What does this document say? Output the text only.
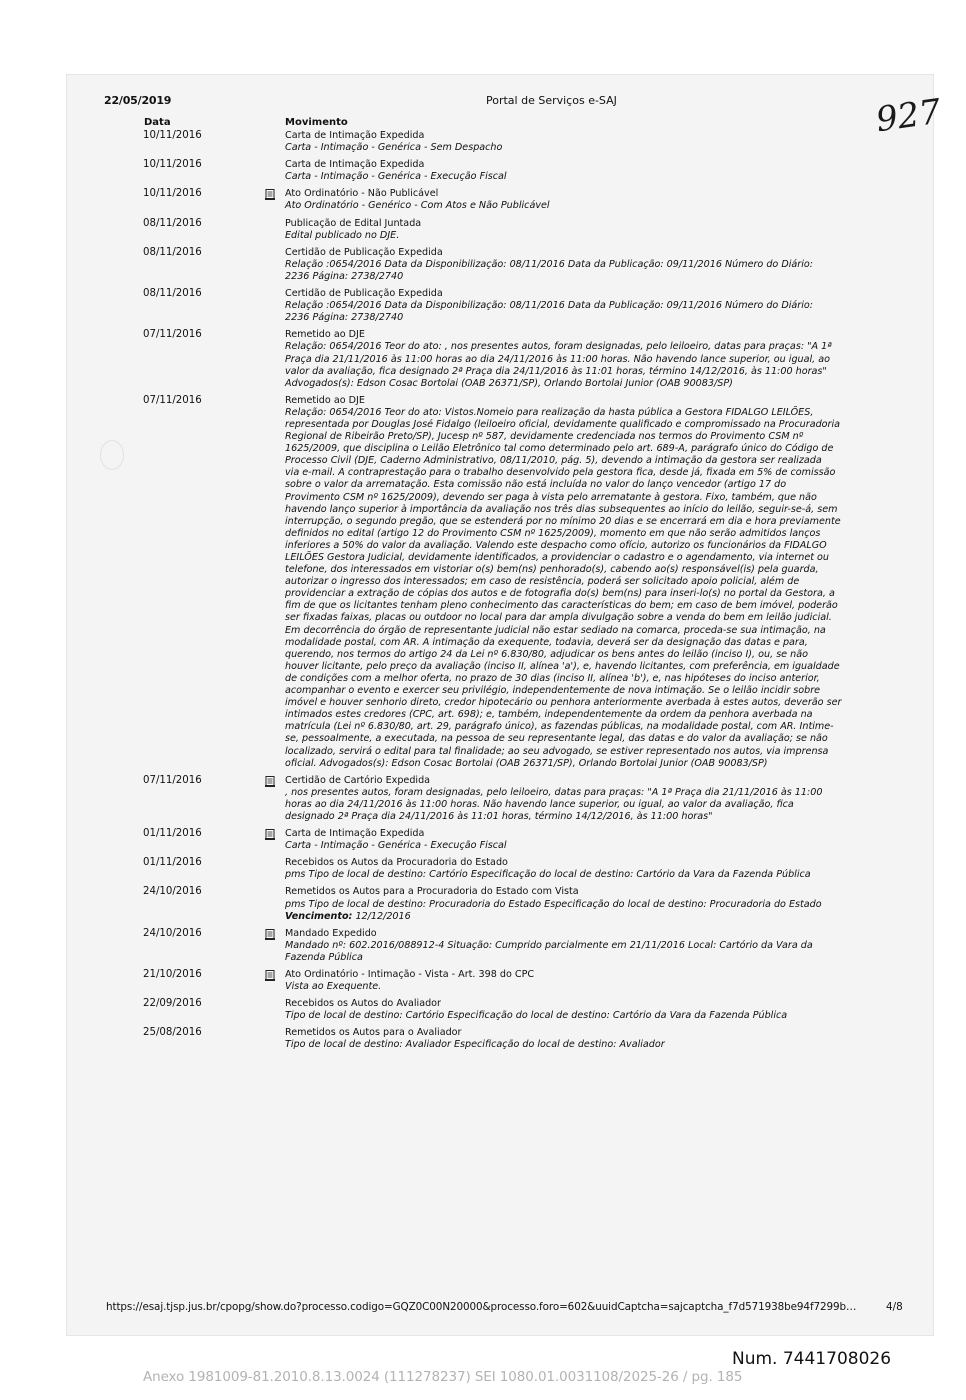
22/05/2019	Portal de Serviços e-SAJ	927
Data	Movimento
10/11/2016	Carta de Intimação Expedida
Carta - Intimação - Genérica - Sem Despacho
10/11/2016	Carta de Intimação Expedida
Carta - Intimação - Genérica - Execução Fiscal
10/11/2016	Ato Ordinatório - Não Publicável
Ato Ordinatório - Genérico - Com Atos e Não Publicável
08/11/2016	Publicação de Edital Juntada
Edital publicado no DJE.
08/11/2016	Certidão de Publicação Expedida
Relação :0654/2016 Data da Disponibilização: 08/11/2016 Data da Publicação: 09/11/2016 Número do Diário:
2236 Página: 2738/2740
08/11/2016	Certidão de Publicação Expedida
Relação :0654/2016 Data da Disponibilização: 08/11/2016 Data da Publicação: 09/11/2016 Número do Diário:
2236 Página: 2738/2740
07/11/2016	Remetido ao DJE
Relação: 0654/2016 Teor do ato: , nos presentes autos, foram designadas, pelo leiloeiro, datas para praças: "A 1ª
Praça dia 21/11/2016 às 11:00 horas ao dia 24/11/2016 às 11:00 horas. Não havendo lance superior, ou igual, ao
valor da avaliação, fica designado 2ª Praça dia 24/11/2016 às 11:01 horas, término 14/12/2016, às 11:00 horas"
Advogados(s): Edson Cosac Bortolai (OAB 26371/SP), Orlando Bortolai Junior (OAB 90083/SP)
07/11/2016	Remetido ao DJE
Relação: 0654/2016 Teor do ato: Vistos.Nomeio para realização da hasta pública a Gestora FIDALGO LEILÕES,
representada por Douglas José Fidalgo (leiloeiro oficial, devidamente qualificado e compromissado na Procuradoria
Regional de Ribeirão Preto/SP), Jucesp nº 587, devidamente credenciada nos termos do Provimento CSM nº
1625/2009, que disciplina o Leilão Eletrônico tal como determinado pelo art. 689-A, parágrafo único do Código de
Processo Civil (DJE, Caderno Administrativo, 08/11/2010, pág. 5), devendo a intimação da gestora ser realizada
via e-mail. A contraprestação para o trabalho desenvolvido pela gestora fica, desde já, fixada em 5% de comissão
sobre o valor da arrematação. Esta comissão não está incluída no valor do lanço vencedor (artigo 17 do
Provimento CSM nº 1625/2009), devendo ser paga à vista pelo arrematante à gestora. Fixo, também, que não
havendo lanço superior à importância da avaliação nos três dias subsequentes ao início do leilão, seguir-se-á, sem
interrupção, o segundo pregão, que se estenderá por no mínimo 20 dias e se encerrará em dia e hora previamente
definidos no edital (artigo 12 do Provimento CSM nº 1625/2009), momento em que não serão admitidos lanços
inferiores a 50% do valor da avaliação. Valendo este despacho como ofício, autorizo os funcionários da FIDALGO
LEILÕES Gestora Judicial, devidamente identificados, a providenciar o cadastro e o agendamento, via internet ou
telefone, dos interessados em vistoriar o(s) bem(ns) penhorado(s), cabendo ao(s) responsável(is) pela guarda,
autorizar o ingresso dos interessados; em caso de resistência, poderá ser solicitado apoio policial, além de
providenciar a extração de cópias dos autos e de fotografia do(s) bem(ns) para inseri-lo(s) no portal da Gestora, a
fim de que os licitantes tenham pleno conhecimento das características do bem; em caso de bem imóvel, poderão
ser fixadas faixas, placas ou outdoor no local para dar ampla divulgação sobre a venda do bem em leilão judicial.
Em decorrência do órgão de representante judicial não estar sediado na comarca, proceda-se sua intimação, na
modalidade postal, com AR. A intimação da exequente, todavia, deverá ser da designação das datas e para,
querendo, nos termos do artigo 24 da Lei nº 6.830/80, adjudicar os bens antes do leilão (inciso I), ou, se não
houver licitante, pelo preço da avaliação (inciso II, alínea 'a'), e, havendo licitantes, com preferência, em igualdade
de condições com a melhor oferta, no prazo de 30 dias (inciso II, alínea 'b'), e, nas hipóteses do inciso anterior,
acompanhar o evento e exercer seu privilégio, independentemente de nova intimação. Se o leilão incidir sobre
imóvel e houver senhorio direto, credor hipotecário ou penhora anteriormente averbada à estes autos, deverão ser
intimados estes credores (CPC, art. 698); e, também, independentemente da ordem da penhora averbada na
matrícula (Lei nº 6.830/80, art. 29, parágrafo único), as fazendas públicas, na modalidade postal, com AR. Intime-
se, pessoalmente, a executada, na pessoa de seu representante legal, das datas e do valor da avaliação; se não
localizado, servirá o edital para tal finalidade; ao seu advogado, se estiver representado nos autos, via imprensa
oficial. Advogados(s): Edson Cosac Bortolai (OAB 26371/SP), Orlando Bortolai Junior (OAB 90083/SP)
07/11/2016	Certidão de Cartório Expedida
, nos presentes autos, foram designadas, pelo leiloeiro, datas para praças: "A 1ª Praça dia 21/11/2016 às 11:00
horas ao dia 24/11/2016 às 11:00 horas. Não havendo lance superior, ou igual, ao valor da avaliação, fica
designado 2ª Praça dia 24/11/2016 às 11:01 horas, término 14/12/2016, às 11:00 horas"
01/11/2016	Carta de Intimação Expedida
Carta - Intimação - Genérica - Execução Fiscal
01/11/2016	Recebidos os Autos da Procuradoria do Estado
pms Tipo de local de destino: Cartório Especificação do local de destino: Cartório da Vara da Fazenda Pública
24/10/2016	Remetidos os Autos para a Procuradoria do Estado com Vista
pms Tipo de local de destino: Procuradoria do Estado Especificação do local de destino: Procuradoria do Estado
Vencimento: 12/12/2016
24/10/2016	Mandado Expedido
Mandado nº: 602.2016/088912-4 Situação: Cumprido parcialmente em 21/11/2016 Local: Cartório da Vara da
Fazenda Pública
21/10/2016	Ato Ordinatório - Intimação - Vista - Art. 398 do CPC
Vista ao Exequente.
22/09/2016	Recebidos os Autos do Avaliador
Tipo de local de destino: Cartório Especificação do local de destino: Cartório da Vara da Fazenda Pública
25/08/2016	Remetidos os Autos para o Avaliador
Tipo de local de destino: Avaliador Especificação do local de destino: Avaliador
https://esaj.tjsp.jus.br/cpopg/show.do?processo.codigo=GQZ0C00N20000&processo.foro=602&uuidCaptcha=sajcaptcha_f7d571938be94f7299b…	4/8
Num. 7441708026
Anexo 1981009-81.2010.8.13.0024 (111278237) SEI 1080.01.0031108/2025-26 / pg. 185
